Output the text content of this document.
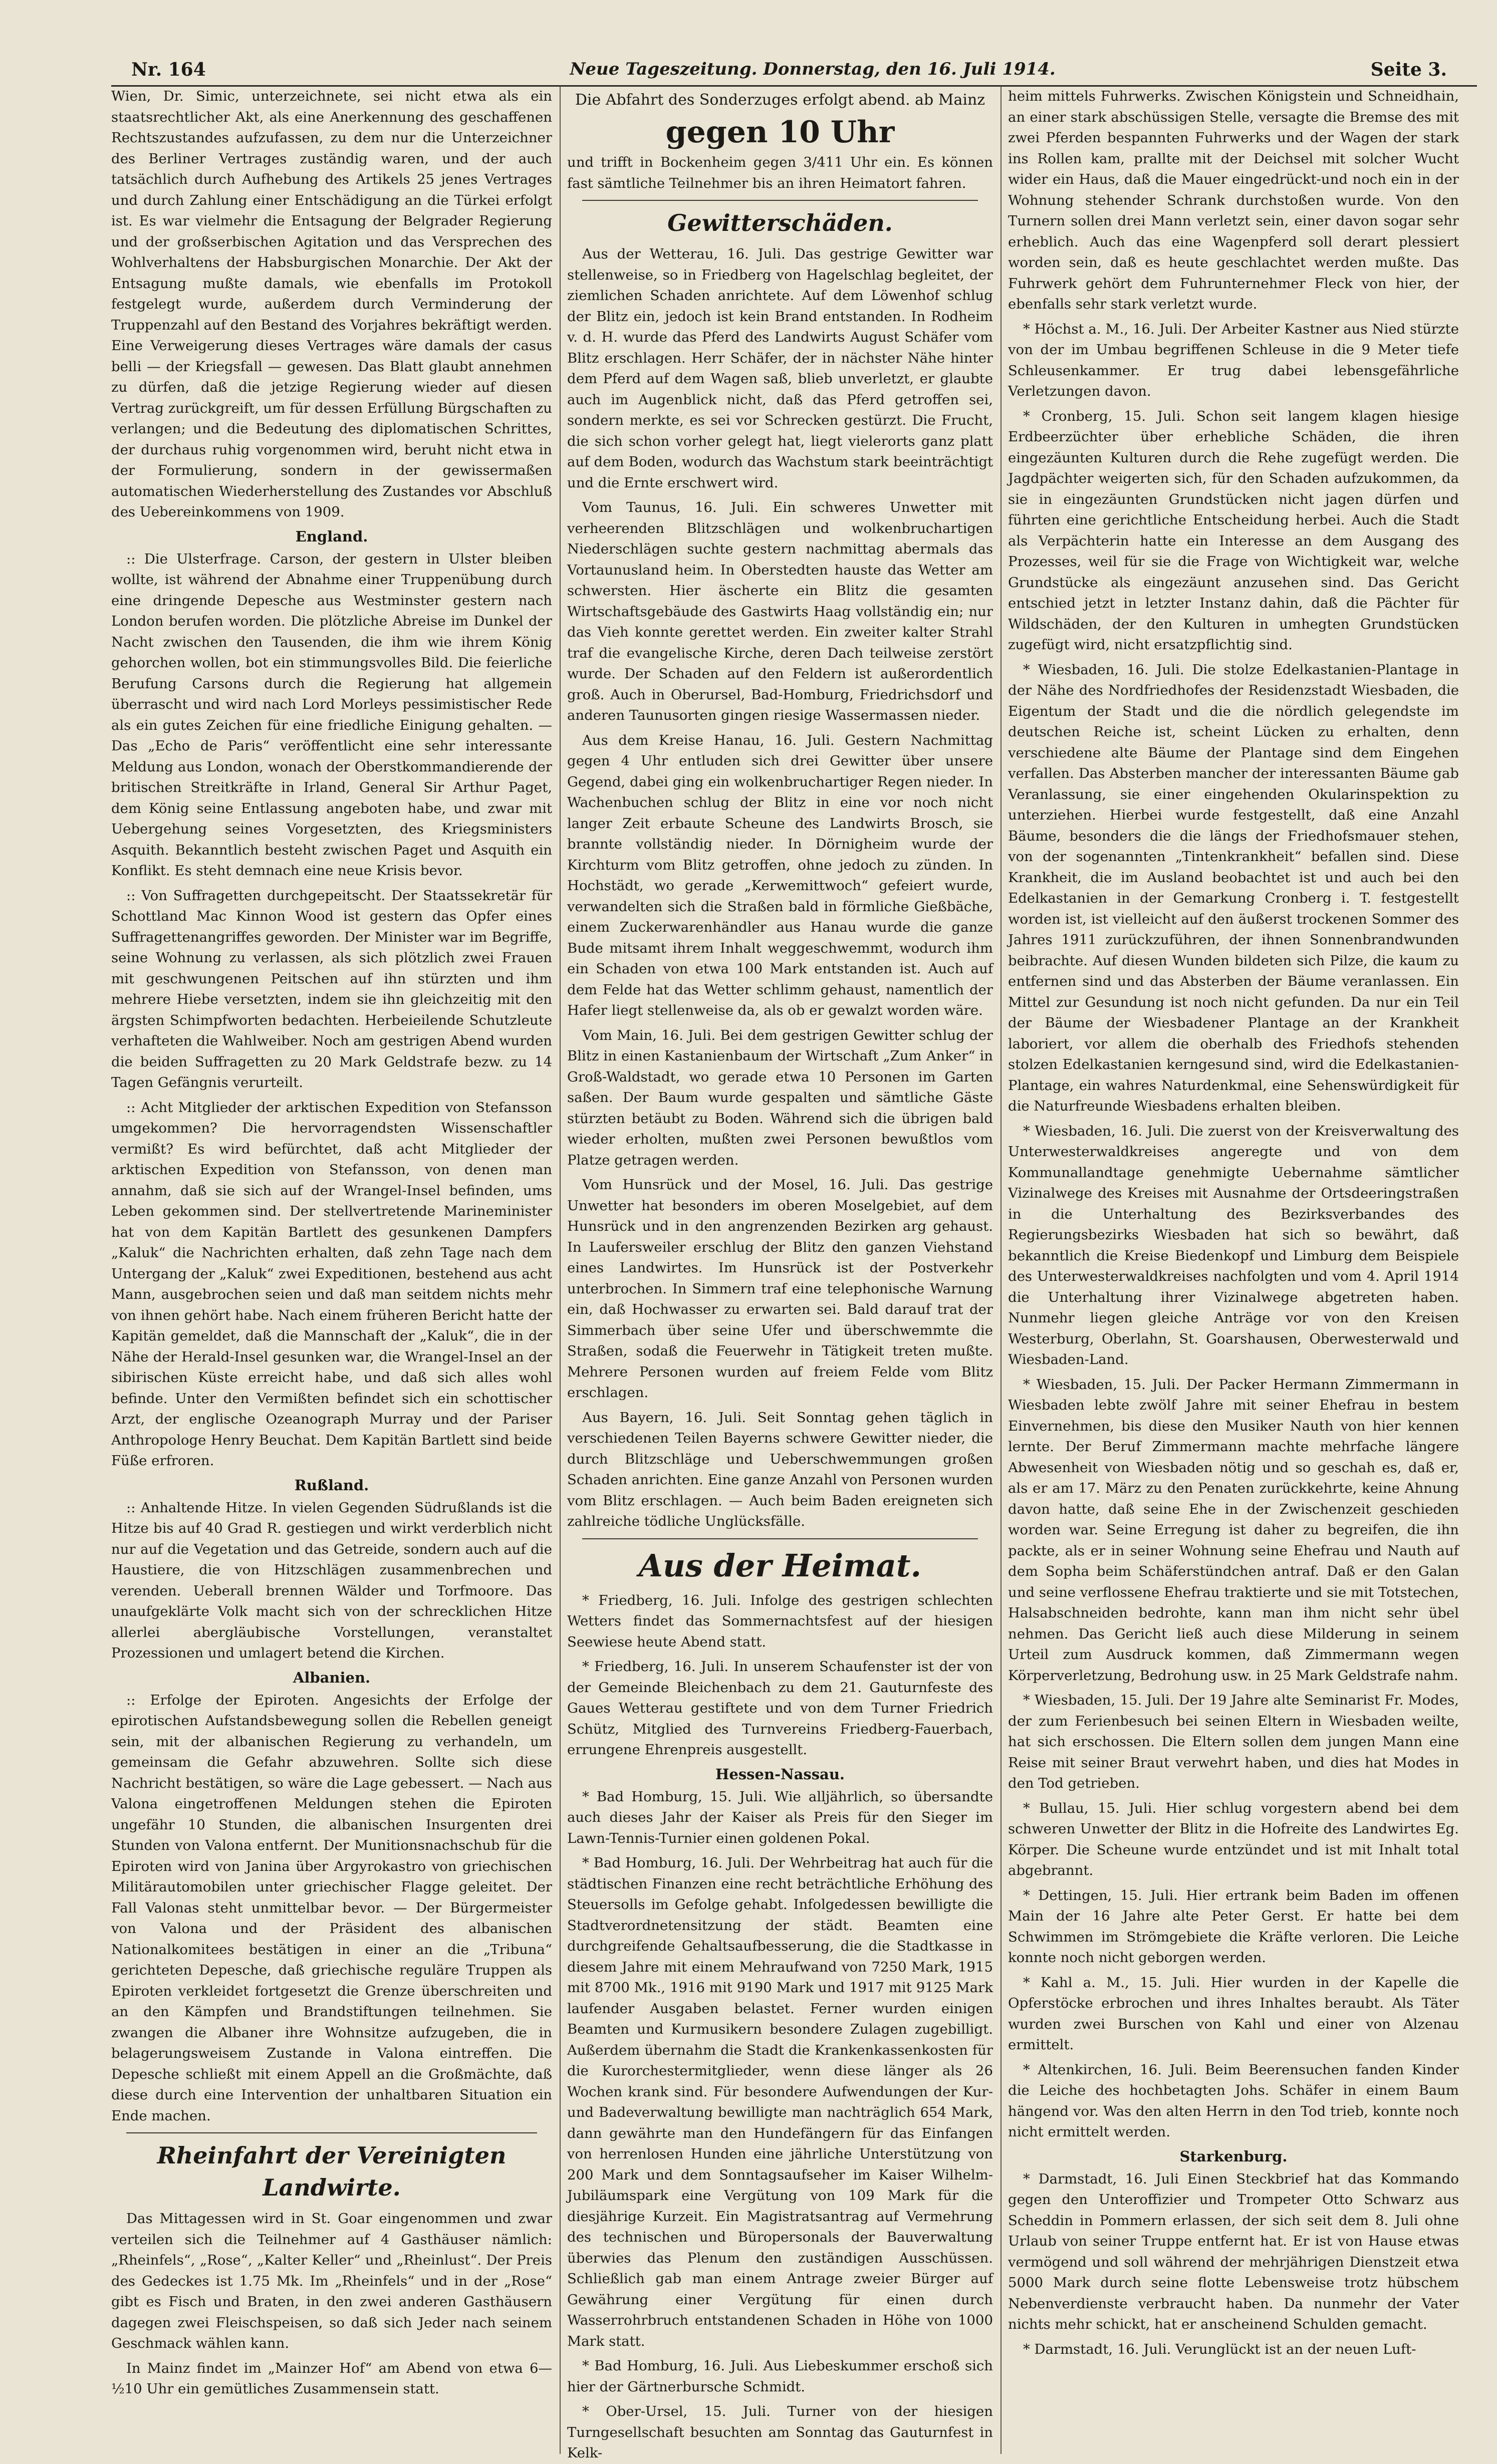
Nr. 164	Neue Tageszeitung. Donnerstag, den 16. Juli 1914.	Seite 3.

Wien, Dr. Simic, unterzeichnete, sei nicht etwa als ein staatsrechtlicher Akt, als eine Anerkennung des geschaffenen Rechtszustandes aufzufassen, zu dem nur die Unterzeichner des Berliner Vertrages zuständig waren, und der auch tatsächlich durch Aufhebung des Artikels 25 jenes Vertrages und durch Zahlung einer Entschädigung an die Türkei erfolgt ist. Es war vielmehr die Entsagung der Belgrader Regierung und der großserbischen Agitation und das Versprechen des Wohlverhaltens der Habsburgischen Monarchie. Der Akt der Entsagung mußte damals, wie ebenfalls im Protokoll festgelegt wurde, außerdem durch Verminderung der Truppenzahl auf den Bestand des Vorjahres bekräftigt werden. Eine Verweigerung dieses Vertrages wäre damals der casus belli — der Kriegsfall — gewesen. Das Blatt glaubt annehmen zu dürfen, daß die jetzige Regierung wieder auf diesen Vertrag zurückgreift, um für dessen Erfüllung Bürgschaften zu verlangen; und die Bedeutung des diplomatischen Schrittes, der durchaus ruhig vorgenommen wird, beruht nicht etwa in der Formulierung, sondern in der gewissermaßen automatischen Wiederherstellung des Zustandes vor Abschluß des Uebereinkommens von 1909.

England.

:: Die Ulsterfrage. Carson, der gestern in Ulster bleiben wollte, ist während der Abnahme einer Truppenübung durch eine dringende Depesche aus Westminster gestern nach London berufen worden. Die plötzliche Abreise im Dunkel der Nacht zwischen den Tausenden, die ihm wie ihrem König gehorchen wollen, bot ein stimmungsvolles Bild. Die feierliche Berufung Carsons durch die Regierung hat allgemein überrascht und wird nach Lord Morleys pessimistischer Rede als ein gutes Zeichen für eine friedliche Einigung gehalten. — Das „Echo de Paris“ veröffentlicht eine sehr interessante Meldung aus London, wonach der Oberstkommandierende der britischen Streitkräfte in Irland, General Sir Arthur Paget, dem König seine Entlassung angeboten habe, und zwar mit Uebergehung seines Vorgesetzten, des Kriegsministers Asquith. Bekanntlich besteht zwischen Paget und Asquith ein Konflikt. Es steht demnach eine neue Krisis bevor.

:: Von Suffragetten durchgepeitscht. Der Staatssekretär für Schottland Mac Kinnon Wood ist gestern das Opfer eines Suffragettenangriffes geworden. Der Minister war im Begriffe, seine Wohnung zu verlassen, als sich plötzlich zwei Frauen mit geschwungenen Peitschen auf ihn stürzten und ihm mehrere Hiebe versetzten, indem sie ihn gleichzeitig mit den ärgsten Schimpfworten bedachten. Herbeieilende Schutzleute verhafteten die Wahlweiber. Noch am gestrigen Abend wurden die beiden Suffragetten zu 20 Mark Geldstrafe bezw. zu 14 Tagen Gefängnis verurteilt.

:: Acht Mitglieder der arktischen Expedition von Stefansson umgekommen? Die hervorragendsten Wissenschaftler vermißt? Es wird befürchtet, daß acht Mitglieder der arktischen Expedition von Stefansson, von denen man annahm, daß sie sich auf der Wrangel-Insel befinden, ums Leben gekommen sind. Der stellvertretende Marineminister hat von dem Kapitän Bartlett des gesunkenen Dampfers „Kaluk“ die Nachrichten erhalten, daß zehn Tage nach dem Untergang der „Kaluk“ zwei Expeditionen, bestehend aus acht Mann, ausgebrochen seien und daß man seitdem nichts mehr von ihnen gehört habe. Nach einem früheren Bericht hatte der Kapitän gemeldet, daß die Mannschaft der „Kaluk“, die in der Nähe der Herald-Insel gesunken war, die Wrangel-Insel an der sibirischen Küste erreicht habe, und daß sich alles wohl befinde. Unter den Vermißten befindet sich ein schottischer Arzt, der englische Ozeanograph Murray und der Pariser Anthropologe Henry Beuchat. Dem Kapitän Bartlett sind beide Füße erfroren.

Rußland.

:: Anhaltende Hitze. In vielen Gegenden Südrußlands ist die Hitze bis auf 40 Grad R. gestiegen und wirkt verderblich nicht nur auf die Vegetation und das Getreide, sondern auch auf die Haustiere, die von Hitzschlägen zusammenbrechen und verenden. Ueberall brennen Wälder und Torfmoore. Das unaufgeklärte Volk macht sich von der schrecklichen Hitze allerlei abergläubische Vorstellungen, veranstaltet Prozessionen und umlagert betend die Kirchen.

Albanien.

:: Erfolge der Epiroten. Angesichts der Erfolge der epirotischen Aufstandsbewegung sollen die Rebellen geneigt sein, mit der albanischen Regierung zu verhandeln, um gemeinsam die Gefahr abzuwehren. Sollte sich diese Nachricht bestätigen, so wäre die Lage gebessert. — Nach aus Valona eingetroffenen Meldungen stehen die Epiroten ungefähr 10 Stunden, die albanischen Insurgenten drei Stunden von Valona entfernt. Der Munitionsnachschub für die Epiroten wird von Janina über Argyrokastro von griechischen Militärautomobilen unter griechischer Flagge geleitet. Der Fall Valonas steht unmittelbar bevor. — Der Bürgermeister von Valona und der Präsident des albanischen Nationalkomitees bestätigen in einer an die „Tribuna“ gerichteten Depesche, daß griechische reguläre Truppen als Epiroten verkleidet fortgesetzt die Grenze überschreiten und an den Kämpfen und Brandstiftungen teilnehmen. Sie zwangen die Albaner ihre Wohnsitze aufzugeben, die in belagerungsweisem Zustande in Valona eintreffen. Die Depesche schließt mit einem Appell an die Großmächte, daß diese durch eine Intervention der unhaltbaren Situation ein Ende machen.

Rheinfahrt der Vereinigten Landwirte.

Das Mittagessen wird in St. Goar eingenommen und zwar verteilen sich die Teilnehmer auf 4 Gasthäuser nämlich: „Rheinfels“, „Rose“, „Kalter Keller“ und „Rheinlust“. Der Preis des Gedeckes ist 1.75 Mk. Im „Rheinfels“ und in der „Rose“ gibt es Fisch und Braten, in den zwei anderen Gasthäusern dagegen zwei Fleischspeisen, so daß sich Jeder nach seinem Geschmack wählen kann.

In Mainz findet im „Mainzer Hof“ am Abend von etwa 6—½10 Uhr ein gemütliches Zusammensein statt.

Die Abfahrt des Sonderzuges erfolgt abend. ab Mainz
gegen 10 Uhr

und trifft in Bockenheim gegen 3/411 Uhr ein. Es können fast sämtliche Teilnehmer bis an ihren Heimatort fahren.

Gewitterschäden.

Aus der Wetterau, 16. Juli. Das gestrige Gewitter war stellenweise, so in Friedberg von Hagelschlag begleitet, der ziemlichen Schaden anrichtete. Auf dem Löwenhof schlug der Blitz ein, jedoch ist kein Brand entstanden. In Rodheim v. d. H. wurde das Pferd des Landwirts August Schäfer vom Blitz erschlagen. Herr Schäfer, der in nächster Nähe hinter dem Pferd auf dem Wagen saß, blieb unverletzt, er glaubte auch im Augenblick nicht, daß das Pferd getroffen sei, sondern merkte, es sei vor Schrecken gestürzt. Die Frucht, die sich schon vorher gelegt hat, liegt vielerorts ganz platt auf dem Boden, wodurch das Wachstum stark beeinträchtigt und die Ernte erschwert wird.

Vom Taunus, 16. Juli. Ein schweres Unwetter mit verheerenden Blitzschlägen und wolkenbruchartigen Niederschlägen suchte gestern nachmittag abermals das Vortaunusland heim. In Oberstedten hauste das Wetter am schwersten. Hier äscherte ein Blitz die gesamten Wirtschaftsgebäude des Gastwirts Haag vollständig ein; nur das Vieh konnte gerettet werden. Ein zweiter kalter Strahl traf die evangelische Kirche, deren Dach teilweise zerstört wurde. Der Schaden auf den Feldern ist außerordentlich groß. Auch in Oberursel, Bad-Homburg, Friedrichsdorf und anderen Taunusorten gingen riesige Wassermassen nieder.

Aus dem Kreise Hanau, 16. Juli. Gestern Nachmittag gegen 4 Uhr entluden sich drei Gewitter über unsere Gegend, dabei ging ein wolkenbruchartiger Regen nieder. In Wachenbuchen schlug der Blitz in eine vor noch nicht langer Zeit erbaute Scheune des Landwirts Brosch, sie brannte vollständig nieder. In Dörnigheim wurde der Kirchturm vom Blitz getroffen, ohne jedoch zu zünden. In Hochstädt, wo gerade „Kerwemittwoch“ gefeiert wurde, verwandelten sich die Straßen bald in förmliche Gießbäche, einem Zuckerwarenhändler aus Hanau wurde die ganze Bude mitsamt ihrem Inhalt weggeschwemmt, wodurch ihm ein Schaden von etwa 100 Mark entstanden ist. Auch auf dem Felde hat das Wetter schlimm gehaust, namentlich der Hafer liegt stellenweise da, als ob er gewalzt worden wäre.

Vom Main, 16. Juli. Bei dem gestrigen Gewitter schlug der Blitz in einen Kastanienbaum der Wirtschaft „Zum Anker“ in Groß-Waldstadt, wo gerade etwa 10 Personen im Garten saßen. Der Baum wurde gespalten und sämtliche Gäste stürzten betäubt zu Boden. Während sich die übrigen bald wieder erholten, mußten zwei Personen bewußtlos vom Platze getragen werden.

Vom Hunsrück und der Mosel, 16. Juli. Das gestrige Unwetter hat besonders im oberen Moselgebiet, auf dem Hunsrück und in den angrenzenden Bezirken arg gehaust. In Laufersweiler erschlug der Blitz den ganzen Viehstand eines Landwirtes. Im Hunsrück ist der Postverkehr unterbrochen. In Simmern traf eine telephonische Warnung ein, daß Hochwasser zu erwarten sei. Bald darauf trat der Simmerbach über seine Ufer und überschwemmte die Straßen, sodaß die Feuerwehr in Tätigkeit treten mußte. Mehrere Personen wurden auf freiem Felde vom Blitz erschlagen.

Aus Bayern, 16. Juli. Seit Sonntag gehen täglich in verschiedenen Teilen Bayerns schwere Gewitter nieder, die durch Blitzschläge und Ueberschwemmungen großen Schaden anrichten. Eine ganze Anzahl von Personen wurden vom Blitz erschlagen. — Auch beim Baden ereigneten sich zahlreiche tödliche Unglücksfälle.

Aus der Heimat.

* Friedberg, 16. Juli. Infolge des gestrigen schlechten Wetters findet das Sommernachtsfest auf der hiesigen Seewiese heute Abend statt.

* Friedberg, 16. Juli. In unserem Schaufenster ist der von der Gemeinde Bleichenbach zu dem 21. Gauturnfeste des Gaues Wetterau gestiftete und von dem Turner Friedrich Schütz, Mitglied des Turnvereins Friedberg-Fauerbach, errungene Ehrenpreis ausgestellt.

Hessen-Nassau.

* Bad Homburg, 15. Juli. Wie alljährlich, so übersandte auch dieses Jahr der Kaiser als Preis für den Sieger im Lawn-Tennis-Turnier einen goldenen Pokal.

* Bad Homburg, 16. Juli. Der Wehrbeitrag hat auch für die städtischen Finanzen eine recht beträchtliche Erhöhung des Steuersolls im Gefolge gehabt. Infolgedessen bewilligte die Stadtverordnetensitzung der städt. Beamten eine durchgreifende Gehaltsaufbesserung, die die Stadtkasse in diesem Jahre mit einem Mehraufwand von 7250 Mark, 1915 mit 8700 Mk., 1916 mit 9190 Mark und 1917 mit 9125 Mark laufender Ausgaben belastet. Ferner wurden einigen Beamten und Kurmusikern besondere Zulagen zugebilligt. Außerdem übernahm die Stadt die Krankenkassenkosten für die Kurorchestermitglieder, wenn diese länger als 26 Wochen krank sind. Für besondere Aufwendungen der Kur- und Badeverwaltung bewilligte man nachträglich 654 Mark, dann gewährte man den Hundefängern für das Einfangen von herrenlosen Hunden eine jährliche Unterstützung von 200 Mark und dem Sonntagsaufseher im Kaiser Wilhelm-Jubiläumspark eine Vergütung von 109 Mark für die diesjährige Kurzeit. Ein Magistratsantrag auf Vermehrung des technischen und Büropersonals der Bauverwaltung überwies das Plenum den zuständigen Ausschüssen. Schließlich gab man einem Antrage zweier Bürger auf Gewährung einer Vergütung für einen durch Wasserrohrbruch entstandenen Schaden in Höhe von 1000 Mark statt.

* Bad Homburg, 16. Juli. Aus Liebeskummer erschoß sich hier der Gärtnerbursche Schmidt.

* Ober-Ursel, 15. Juli. Turner von der hiesigen Turngesellschaft besuchten am Sonntag das Gauturnfest in Kelk-

heim mittels Fuhrwerks. Zwischen Königstein und Schneidhain, an einer stark abschüssigen Stelle, versagte die Bremse des mit zwei Pferden bespannten Fuhrwerks und der Wagen der stark ins Rollen kam, prallte mit der Deichsel mit solcher Wucht wider ein Haus, daß die Mauer eingedrückt-und noch ein in der Wohnung stehender Schrank durchstoßen wurde. Von den Turnern sollen drei Mann verletzt sein, einer davon sogar sehr erheblich. Auch das eine Wagenpferd soll derart plessiert worden sein, daß es heute geschlachtet werden mußte. Das Fuhrwerk gehört dem Fuhrunternehmer Fleck von hier, der ebenfalls sehr stark verletzt wurde.

* Höchst a. M., 16. Juli. Der Arbeiter Kastner aus Nied stürzte von der im Umbau begriffenen Schleuse in die 9 Meter tiefe Schleusenkammer. Er trug dabei lebensgefährliche Verletzungen davon.

* Cronberg, 15. Juli. Schon seit langem klagen hiesige Erdbeerzüchter über erhebliche Schäden, die ihren eingezäunten Kulturen durch die Rehe zugefügt werden. Die Jagdpächter weigerten sich, für den Schaden aufzukommen, da sie in eingezäunten Grundstücken nicht jagen dürfen und führten eine gerichtliche Entscheidung herbei. Auch die Stadt als Verpächterin hatte ein Interesse an dem Ausgang des Prozesses, weil für sie die Frage von Wichtigkeit war, welche Grundstücke als eingezäunt anzusehen sind. Das Gericht entschied jetzt in letzter Instanz dahin, daß die Pächter für Wildschäden, der den Kulturen in umhegten Grundstücken zugefügt wird, nicht ersatzpflichtig sind.

* Wiesbaden, 16. Juli. Die stolze Edelkastanien-Plantage in der Nähe des Nordfriedhofes der Residenzstadt Wiesbaden, die Eigentum der Stadt und die die nördlich gelegendste im deutschen Reiche ist, scheint Lücken zu erhalten, denn verschiedene alte Bäume der Plantage sind dem Eingehen verfallen. Das Absterben mancher der interessanten Bäume gab Veranlassung, sie einer eingehenden Okularinspektion zu unterziehen. Hierbei wurde festgestellt, daß eine Anzahl Bäume, besonders die die längs der Friedhofsmauer stehen, von der sogenannten „Tintenkrankheit“ befallen sind. Diese Krankheit, die im Ausland beobachtet ist und auch bei den Edelkastanien in der Gemarkung Cronberg i. T. festgestellt worden ist, ist vielleicht auf den äußerst trockenen Sommer des Jahres 1911 zurückzuführen, der ihnen Sonnenbrandwunden beibrachte. Auf diesen Wunden bildeten sich Pilze, die kaum zu entfernen sind und das Absterben der Bäume veranlassen. Ein Mittel zur Gesundung ist noch nicht gefunden. Da nur ein Teil der Bäume der Wiesbadener Plantage an der Krankheit laboriert, vor allem die oberhalb des Friedhofs stehenden stolzen Edelkastanien kerngesund sind, wird die Edelkastanien-Plantage, ein wahres Naturdenkmal, eine Sehenswürdigkeit für die Naturfreunde Wiesbadens erhalten bleiben.

* Wiesbaden, 16. Juli. Die zuerst von der Kreisverwaltung des Unterwesterwaldkreises angeregte und von dem Kommunallandtage genehmigte Uebernahme sämtlicher Vizinalwege des Kreises mit Ausnahme der Ortsdeeringstraßen in die Unterhaltung des Bezirksverbandes des Regierungsbezirks Wiesbaden hat sich so bewährt, daß bekanntlich die Kreise Biedenkopf und Limburg dem Beispiele des Unterwesterwaldkreises nachfolgten und vom 4. April 1914 die Unterhaltung ihrer Vizinalwege abgetreten haben. Nunmehr liegen gleiche Anträge vor von den Kreisen Westerburg, Oberlahn, St. Goarshausen, Oberwesterwald und Wiesbaden-Land.

* Wiesbaden, 15. Juli. Der Packer Hermann Zimmermann in Wiesbaden lebte zwölf Jahre mit seiner Ehefrau in bestem Einvernehmen, bis diese den Musiker Nauth von hier kennen lernte. Der Beruf Zimmermann machte mehrfache längere Abwesenheit von Wiesbaden nötig und so geschah es, daß er, als er am 17. März zu den Penaten zurückkehrte, keine Ahnung davon hatte, daß seine Ehe in der Zwischenzeit geschieden worden war. Seine Erregung ist daher zu begreifen, die ihn packte, als er in seiner Wohnung seine Ehefrau und Nauth auf dem Sopha beim Schäferstündchen antraf. Daß er den Galan und seine verflossene Ehefrau traktierte und sie mit Totstechen, Halsabschneiden bedrohte, kann man ihm nicht sehr übel nehmen. Das Gericht ließ auch diese Milderung in seinem Urteil zum Ausdruck kommen, daß Zimmermann wegen Körperverletzung, Bedrohung usw. in 25 Mark Geldstrafe nahm.

* Wiesbaden, 15. Juli. Der 19 Jahre alte Seminarist Fr. Modes, der zum Ferienbesuch bei seinen Eltern in Wiesbaden weilte, hat sich erschossen. Die Eltern sollen dem jungen Mann eine Reise mit seiner Braut verwehrt haben, und dies hat Modes in den Tod getrieben.

* Bullau, 15. Juli. Hier schlug vorgestern abend bei dem schweren Unwetter der Blitz in die Hofreite des Landwirtes Eg. Körper. Die Scheune wurde entzündet und ist mit Inhalt total abgebrannt.

* Dettingen, 15. Juli. Hier ertrank beim Baden im offenen Main der 16 Jahre alte Peter Gerst. Er hatte bei dem Schwimmen im Strömgebiete die Kräfte verloren. Die Leiche konnte noch nicht geborgen werden.

* Kahl a. M., 15. Juli. Hier wurden in der Kapelle die Opferstöcke erbrochen und ihres Inhaltes beraubt. Als Täter wurden zwei Burschen von Kahl und einer von Alzenau ermittelt.

* Altenkirchen, 16. Juli. Beim Beerensuchen fanden Kinder die Leiche des hochbetagten Johs. Schäfer in einem Baum hängend vor. Was den alten Herrn in den Tod trieb, konnte noch nicht ermittelt werden.

Starkenburg.

* Darmstadt, 16. Juli Einen Steckbrief hat das Kommando gegen den Unteroffizier und Trompeter Otto Schwarz aus Scheddin in Pommern erlassen, der sich seit dem 8. Juli ohne Urlaub von seiner Truppe entfernt hat. Er ist von Hause etwas vermögend und soll während der mehrjährigen Dienstzeit etwa 5000 Mark durch seine flotte Lebensweise trotz hübschem Nebenverdienste verbraucht haben. Da nunmehr der Vater nichts mehr schickt, hat er anscheinend Schulden gemacht.

* Darmstadt, 16. Juli. Verunglückt ist an der neuen Luft-
